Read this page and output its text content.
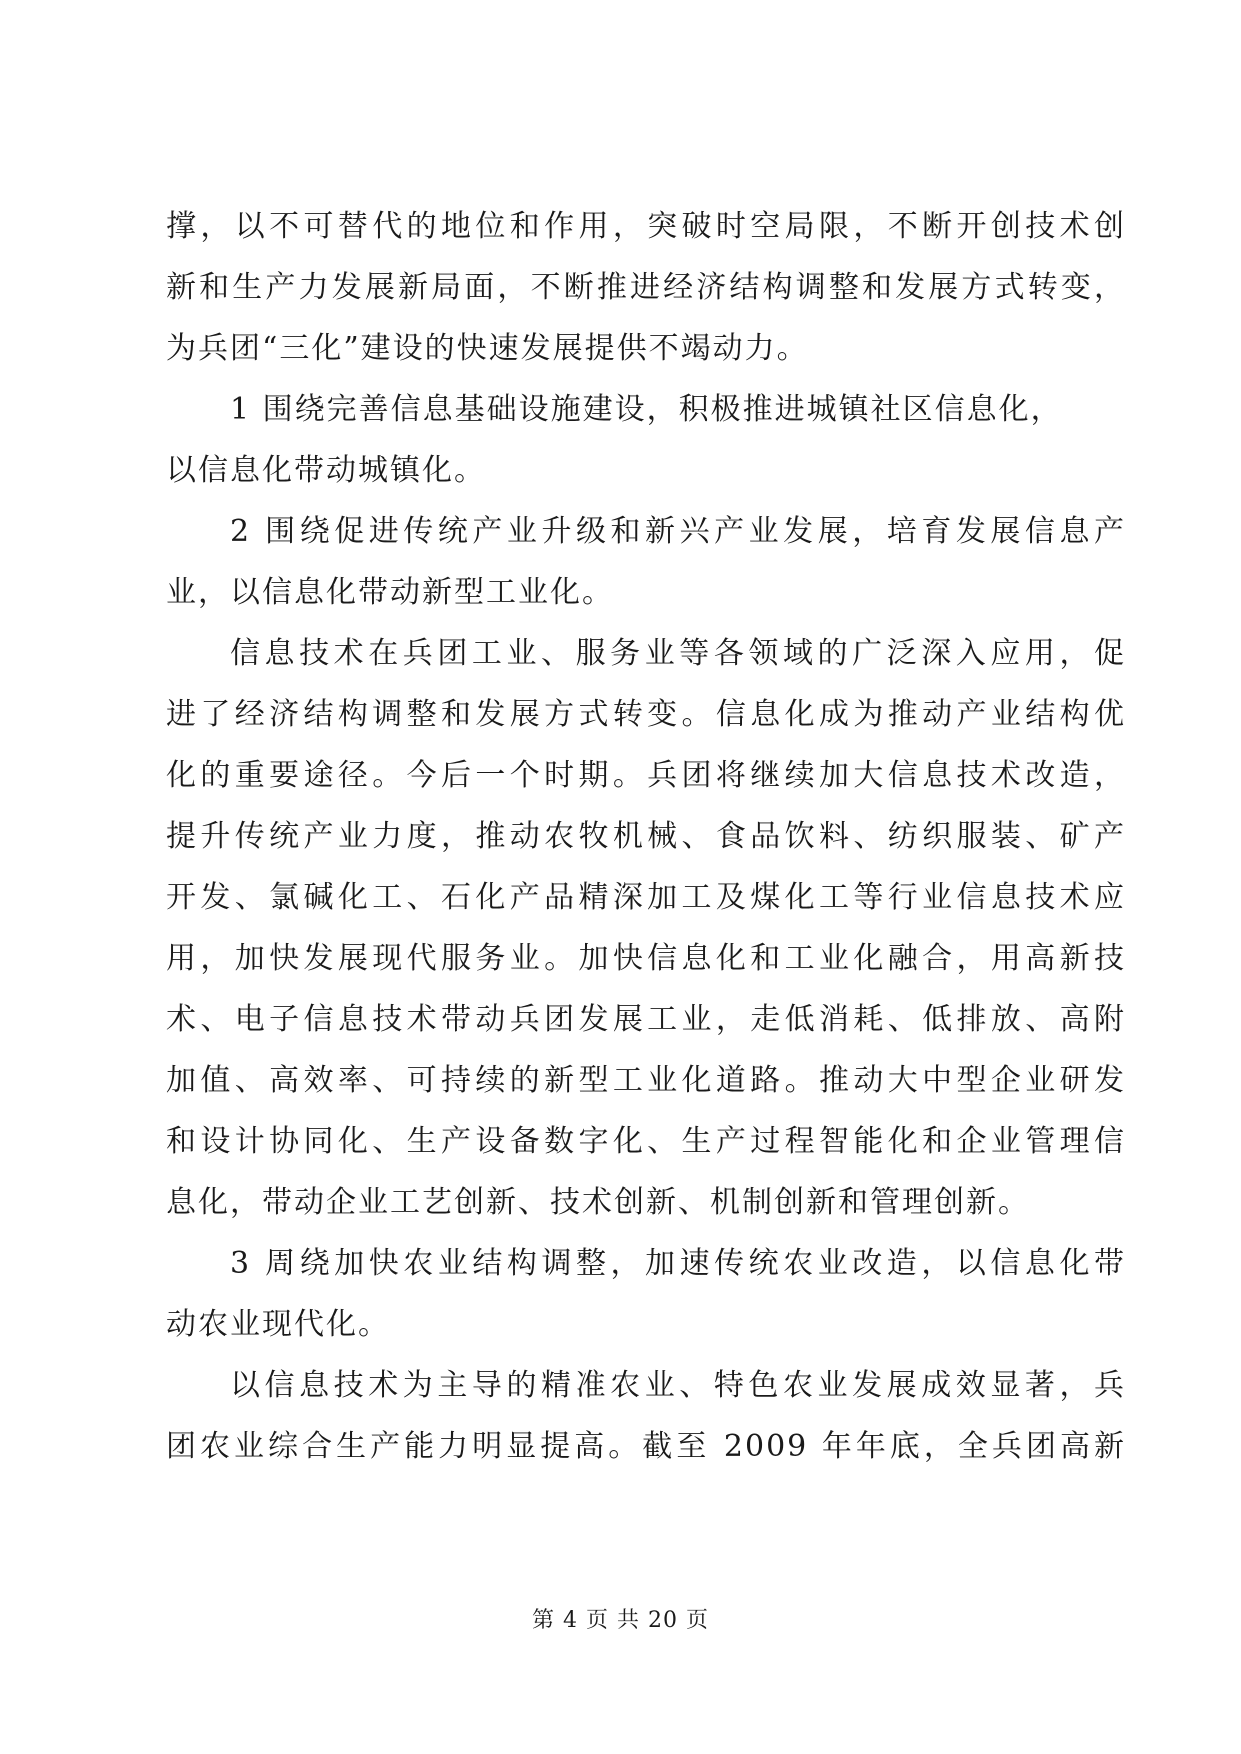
撑，以不可替代的地位和作用，突破时空局限，不断开创技术创
新和生产力发展新局面，不断推进经济结构调整和发展方式转变，
为兵团“三化”建设的快速发展提供不竭动力。
1 围绕完善信息基础设施建设，积极推进城镇社区信息化，
以信息化带动城镇化。
2 围绕促进传统产业升级和新兴产业发展，培育发展信息产
业，以信息化带动新型工业化。
信息技术在兵团工业、服务业等各领域的广泛深入应用，促
进了经济结构调整和发展方式转变。信息化成为推动产业结构优
化的重要途径。今后一个时期。兵团将继续加大信息技术改造，
提升传统产业力度，推动农牧机械、食品饮料、纺织服装、矿产
开发、氯碱化工、石化产品精深加工及煤化工等行业信息技术应
用，加快发展现代服务业。加快信息化和工业化融合，用高新技
术、电子信息技术带动兵团发展工业，走低消耗、低排放、高附
加值、高效率、可持续的新型工业化道路。推动大中型企业研发
和设计协同化、生产设备数字化、生产过程智能化和企业管理信
息化，带动企业工艺创新、技术创新、机制创新和管理创新。
3 周绕加快农业结构调整，加速传统农业改造，以信息化带
动农业现代化。
以信息技术为主导的精准农业、特色农业发展成效显著，兵
团农业综合生产能力明显提高。截至 2009 年年底，全兵团高新
第 4 页 共 20 页
